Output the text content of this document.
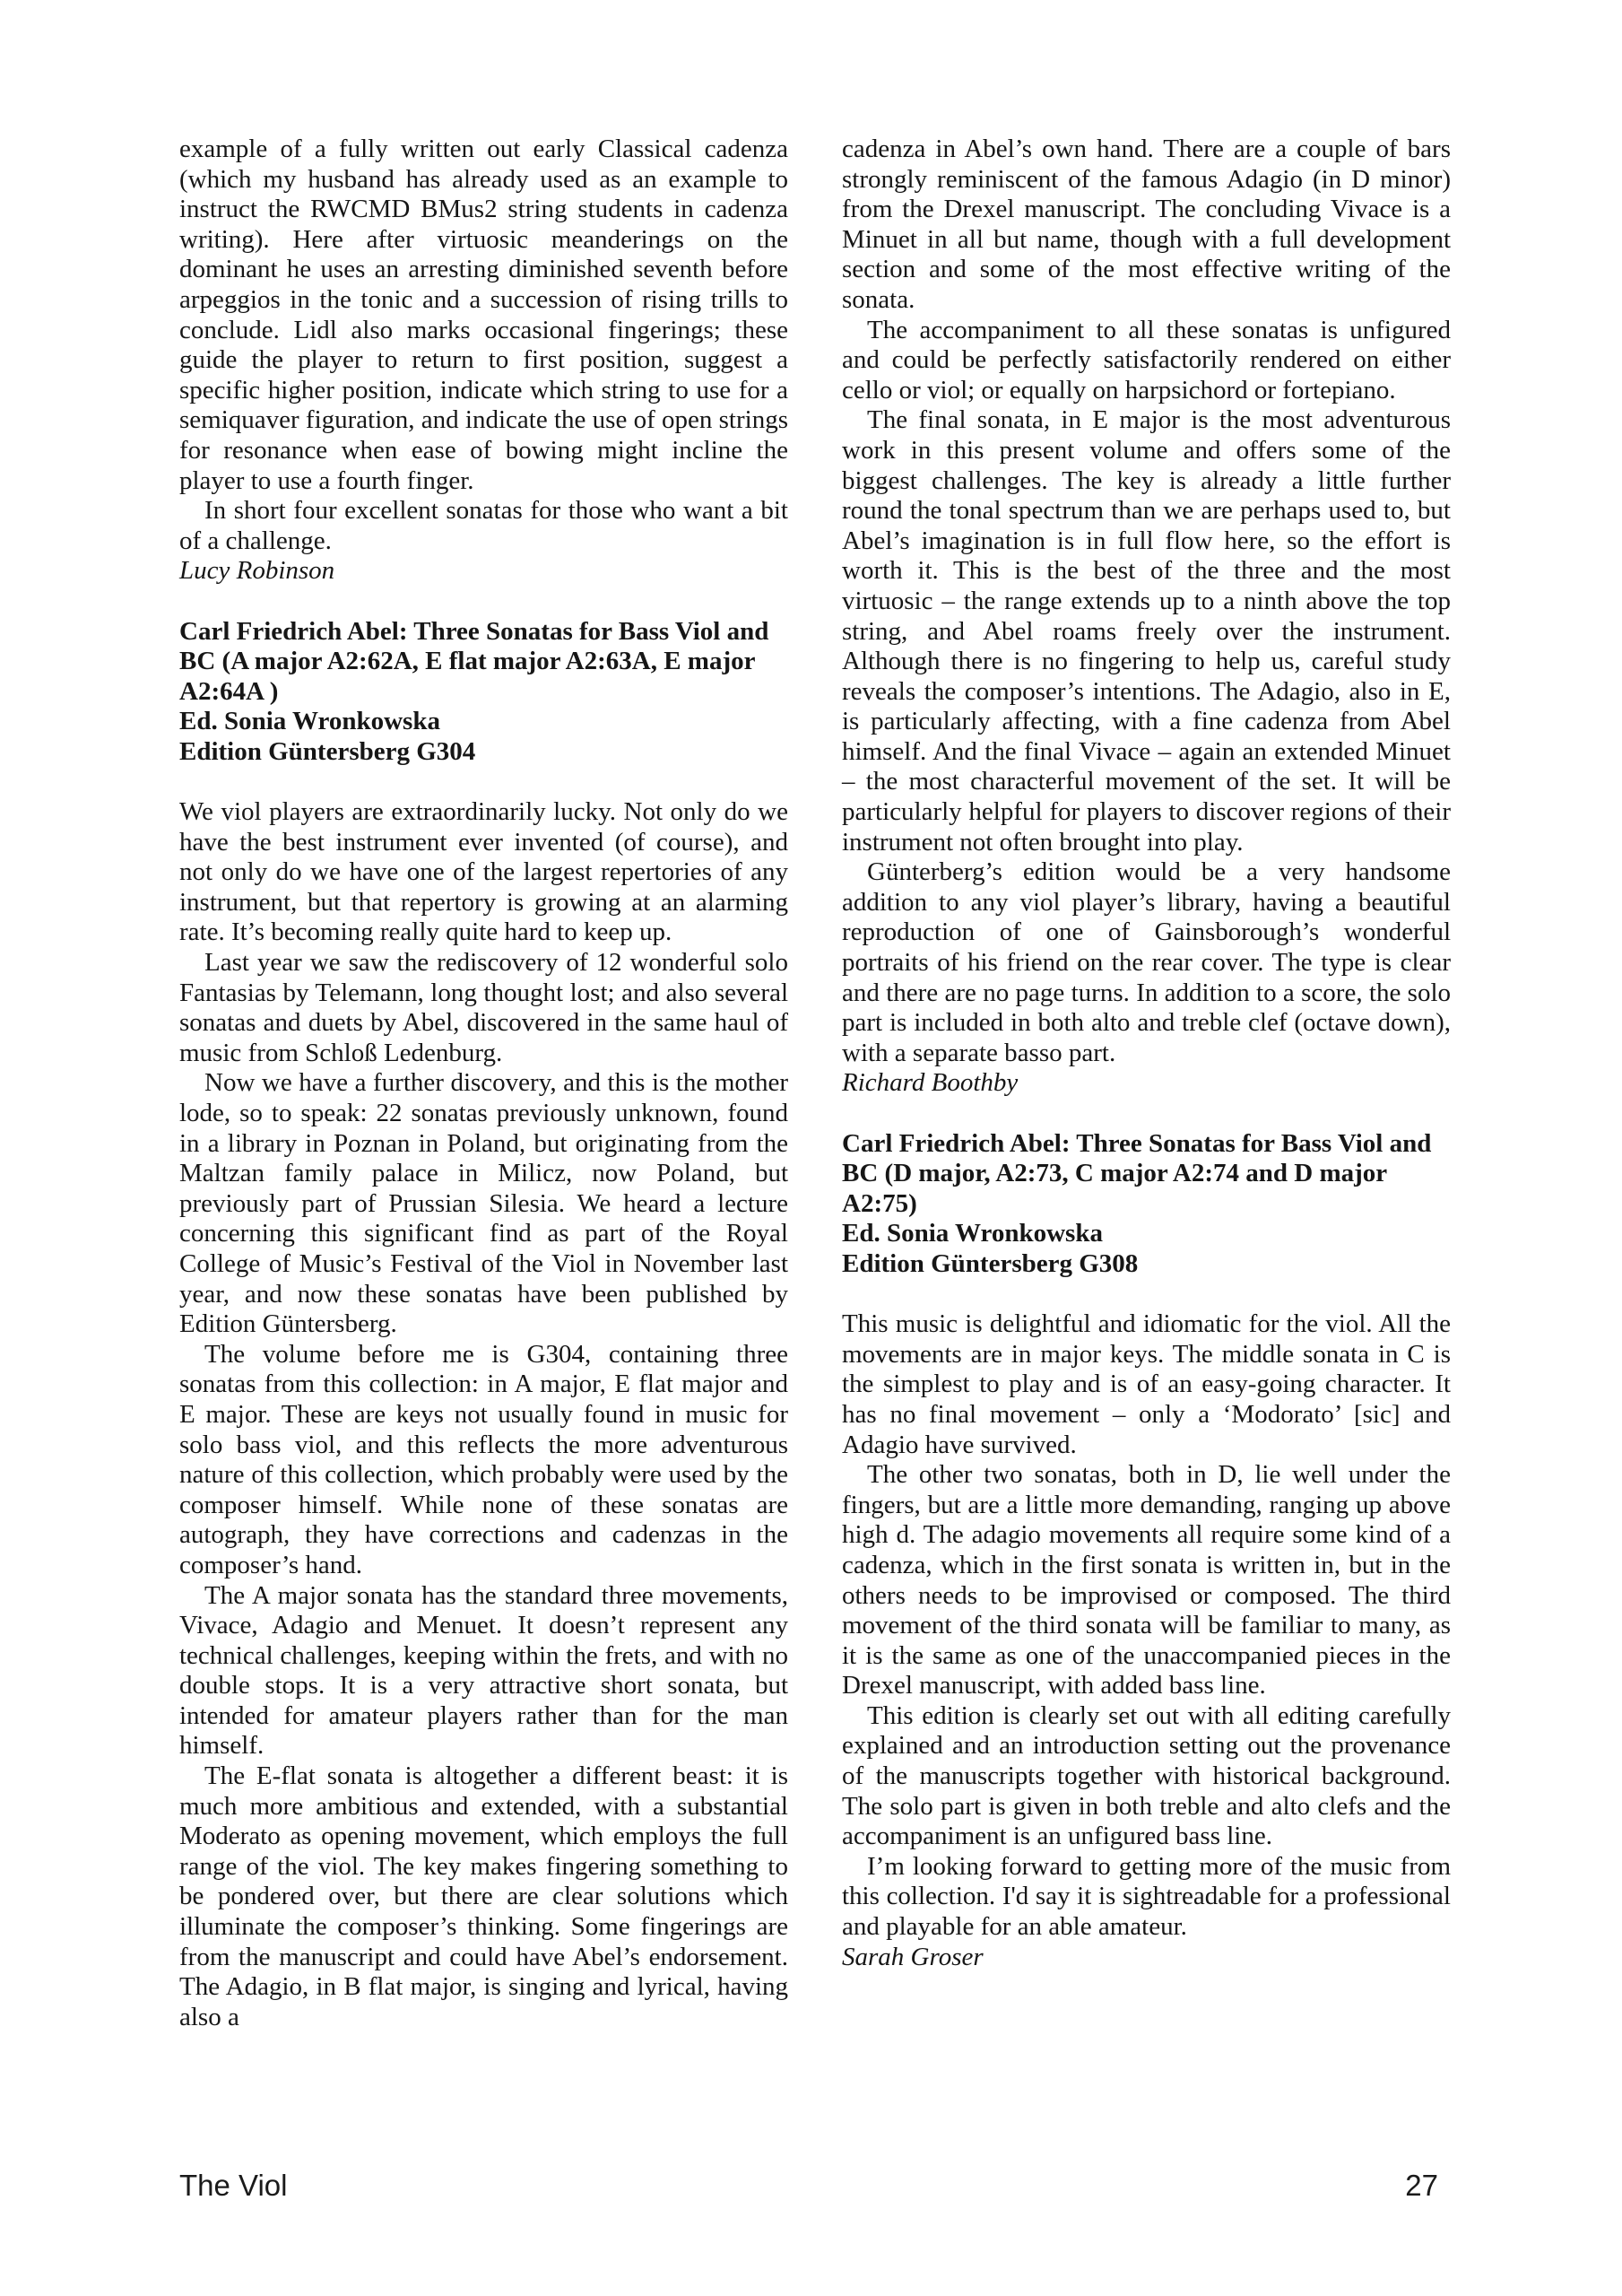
example of a fully written out early Classical cadenza (which my husband has already used as an example to instruct the RWCMD BMus2 string students in cadenza writing). Here after virtuosic meanderings on the dominant he uses an arresting diminished seventh before arpeggios in the tonic and a succession of rising trills to conclude. Lidl also marks occasional fingerings; these guide the player to return to first position, suggest a specific higher position, indicate which string to use for a semiquaver figuration, and indicate the use of open strings for resonance when ease of bowing might incline the player to use a fourth finger.

In short four excellent sonatas for those who want a bit of a challenge.

Lucy Robinson

Carl Friedrich Abel: Three Sonatas for Bass Viol and BC (A major A2:62A, E flat major A2:63A, E major A2:64A )

Ed. Sonia Wronkowska

Edition Güntersberg G304

We viol players are extraordinarily lucky. Not only do we have the best instrument ever invented (of course), and not only do we have one of the largest repertories of any instrument, but that repertory is growing at an alarming rate. It’s becoming really quite hard to keep up.

Last year we saw the rediscovery of 12 wonderful solo Fantasias by Telemann, long thought lost; and also several sonatas and duets by Abel, discovered in the same haul of music from Schloß Ledenburg.

Now we have a further discovery, and this is the mother lode, so to speak: 22 sonatas previously unknown, found in a library in Poznan in Poland, but originating from the Maltzan family palace in Milicz, now Poland, but previously part of Prussian Silesia. We heard a lecture concerning this significant find as part of the Royal College of Music’s Festival of the Viol in November last year, and now these sonatas have been published by Edition Güntersberg.

The volume before me is G304, containing three sonatas from this collection: in A major, E flat major and E major. These are keys not usually found in music for solo bass viol, and this reflects the more adventurous nature of this collection, which probably were used by the composer himself. While none of these sonatas are autograph, they have corrections and cadenzas in the composer’s hand.

The A major sonata has the standard three movements, Vivace, Adagio and Menuet. It doesn’t represent any technical challenges, keeping within the frets, and with no double stops. It is a very attractive short sonata, but intended for amateur players rather than for the man himself.

The E-flat sonata is altogether a different beast: it is much more ambitious and extended, with a substantial Moderato as opening movement, which employs the full range of the viol. The key makes fingering something to be pondered over, but there are clear solutions which illuminate the composer’s thinking. Some fingerings are from the manuscript and could have Abel’s endorsement. The Adagio, in B flat major, is singing and lyrical, having also a

cadenza in Abel’s own hand. There are a couple of bars strongly reminiscent of the famous Adagio (in D minor) from the Drexel manuscript. The concluding Vivace is a Minuet in all but name, though with a full development section and some of the most effective writing of the sonata.

The accompaniment to all these sonatas is unfigured and could be perfectly satisfactorily rendered on either cello or viol; or equally on harpsichord or fortepiano.

The final sonata, in E major is the most adventurous work in this present volume and offers some of the biggest challenges. The key is already a little further round the tonal spectrum than we are perhaps used to, but Abel’s imagination is in full flow here, so the effort is worth it. This is the best of the three and the most virtuosic – the range extends up to a ninth above the top string, and Abel roams freely over the instrument. Although there is no fingering to help us, careful study reveals the composer’s intentions. The Adagio, also in E, is particularly affecting, with a fine cadenza from Abel himself. And the final Vivace – again an extended Minuet – the most characterful movement of the set. It will be particularly helpful for players to discover regions of their instrument not often brought into play.

Günterberg’s edition would be a very handsome addition to any viol player’s library, having a beautiful reproduction of one of Gainsborough’s wonderful portraits of his friend on the rear cover. The type is clear and there are no page turns. In addition to a score, the solo part is included in both alto and treble clef (octave down), with a separate basso part.

Richard Boothby

Carl Friedrich Abel: Three Sonatas for Bass Viol and BC (D major, A2:73, C major A2:74 and D major A2:75)

Ed. Sonia Wronkowska

Edition Güntersberg G308

This music is delightful and idiomatic for the viol. All the movements are in major keys. The middle sonata in C is the simplest to play and is of an easy-going character. It has no final movement – only a ‘Modorato’ [sic] and Adagio have survived.

The other two sonatas, both in D, lie well under the fingers, but are a little more demanding, ranging up above high d. The adagio movements all require some kind of a cadenza, which in the first sonata is written in, but in the others needs to be improvised or composed. The third movement of the third sonata will be familiar to many, as it is the same as one of the unaccompanied pieces in the Drexel manuscript, with added bass line.

This edition is clearly set out with all editing carefully explained and an introduction setting out the provenance of the manuscripts together with historical background. The solo part is given in both treble and alto clefs and the accompaniment is an unfigured bass line.

I’m looking forward to getting more of the music from this collection. I'd say it is sightreadable for a professional and playable for an able amateur.

Sarah Groser

The Viol	27
